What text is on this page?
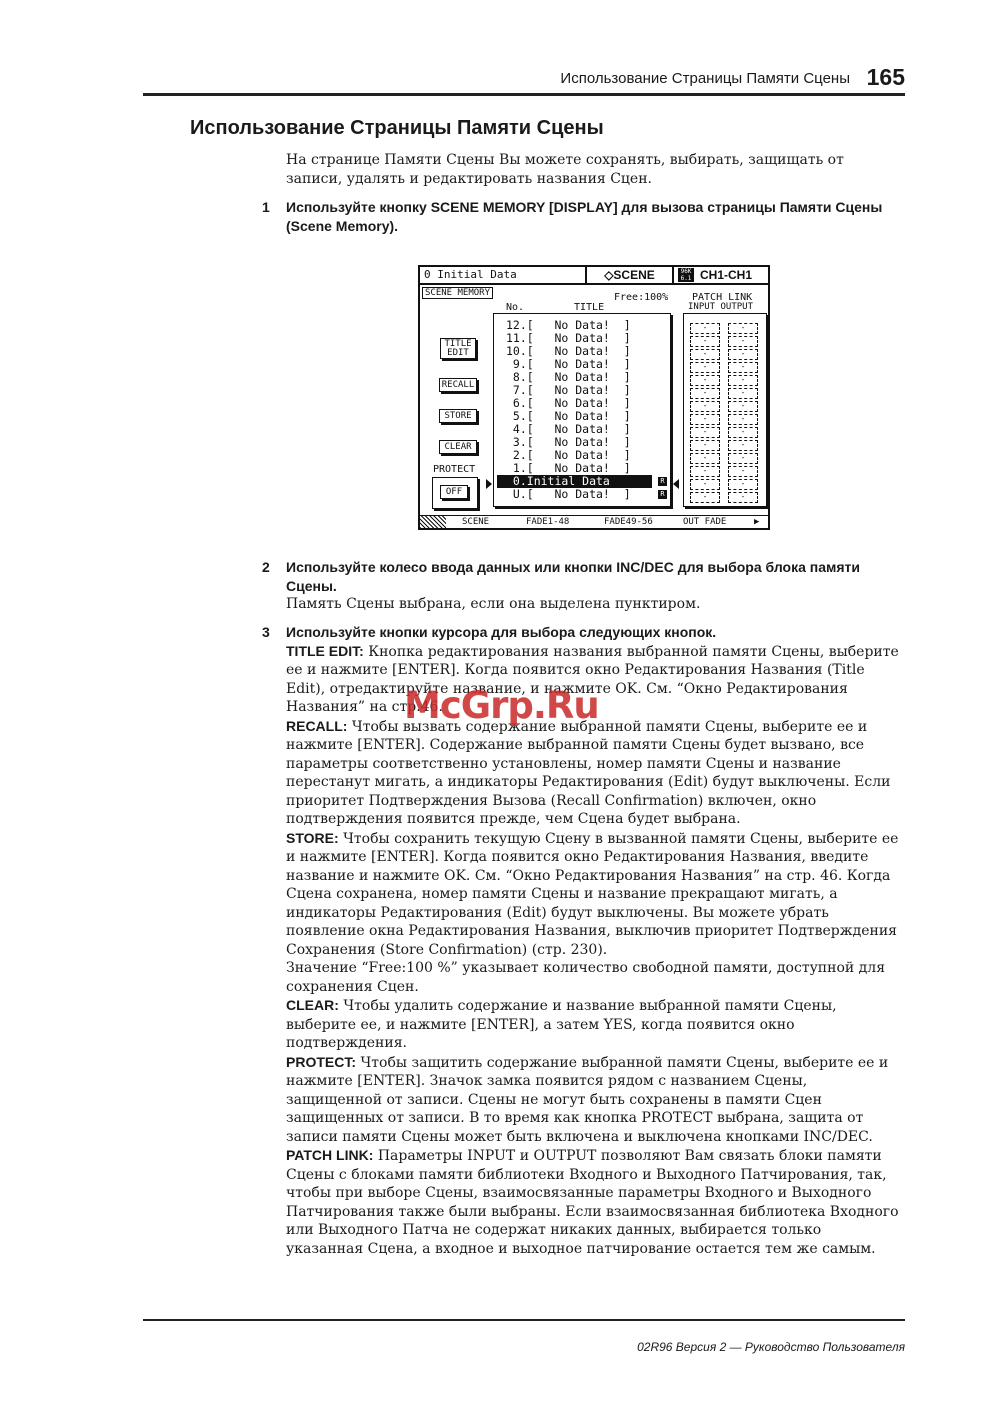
Использование Страницы Памяти Сцены 165
Использование Страницы Памяти Сцены
На странице Памяти Сцены Вы можете сохранять, выбирать, защищать от записи, удалять и редактировать названия Сцен.
1 Используйте кнопку SCENE MEMORY [DISPLAY] для вызова страницы Памяти Сцены (Scene Memory).
0 Initial Data	◇SCENE	96K
6.1 CH1-CH1
SCENE MEMORY	Free:100%
No.	TITLE
PATCH LINK
INPUT OUTPUT
TITLE
EDIT
RECALL
STORE
CLEAR
PROTECT
OFF
12.[   No Data!  ]
11.[   No Data!  ]
10.[   No Data!  ]
9.[   No Data!  ]
8.[   No Data!  ]
7.[   No Data!  ]
6.[   No Data!  ]
5.[   No Data!  ]
4.[   No Data!  ]
3.[   No Data!  ]
2.[   No Data!  ]
1.[   No Data!  ]
0.Initial Data	R
U.[   No Data!  ]	R
-	-
-	-
-	-
-	-
-	-
-	-
-	-
-	-
-	-
-	-
-	-
-	-
-	-
-	-
SCENE	FADE1-48	FADE49-56	OUT FADE	▶
2 Используйте колесо ввода данных или кнопки INC/DEC для выбора блока памяти Сцены.
Память Сцены выбрана, если она выделена пунктиром.
3 Используйте кнопки курсора для выбора следующих кнопок.

TITLE EDIT: Кнопка редактирования названия выбранной памяти Сцены, выберите ее и нажмите [ENTER]. Когда появится окно Редактирования Названия (Title Edit), отредактируйте название, и нажмите OK. См. “Окно Редактирования Названия” на стр.46.

RECALL: Чтобы вызвать содержание выбранной памяти Сцены, выберите ее и нажмите [ENTER]. Содержание выбранной памяти Сцены будет вызвано, все параметры соответственно установлены, номер памяти Сцены и название перестанут мигать, а индикаторы Редактирования (Edit) будут выключены. Если приоритет Подтверждения Вызова (Recall Confirmation) включен, окно подтверждения появится прежде, чем Сцена будет выбрана.

STORE: Чтобы сохранить текущую Сцену в вызванной памяти Сцены, выберите ее и нажмите [ENTER]. Когда появится окно Редактирования Названия, введите название и нажмите OK. См. “Окно Редактирования Названия” на стр. 46. Когда Сцена сохранена, номер памяти Сцены и название прекращают мигать, а индикаторы Редактирования (Edit) будут выключены. Вы можете убрать появление окна Редактирования Названия, выключив приоритет Подтверждения Сохранения (Store Confirmation) (стр. 230).

Значение “Free:100 %” указывает количество свободной памяти, доступной для сохранения Сцен.

CLEAR: Чтобы удалить содержание и название выбранной памяти Сцены, выберите ее, и нажмите [ENTER], а затем YES, когда появится окно подтверждения.

PROTECT: Чтобы защитить содержание выбранной памяти Сцены, выберите ее и нажмите [ENTER]. Значок замка появится рядом с названием Сцены, защищенной от записи. Сцены не могут быть сохранены в памяти Сцен защищенных от записи. В то время как кнопка PROTECT выбрана, защита от записи памяти Сцены может быть включена и выключена кнопками INC/DEC.

PATCH LINK: Параметры INPUT и OUTPUT позволяют Вам связать блоки памяти Сцены с блоками памяти библиотеки Входного и Выходного Патчирования, так, чтобы при выборе Сцены, взаимосвязанные параметры Входного и Выходного Патчирования также были выбраны. Если взаимосвязанная библиотека Входного или Выходного Патча не содержат никаких данных, выбирается только указанная Сцена, а входное и выходное патчирование остается тем же самым.

McGrp.Ru
02R96 Версия 2 — Руководство Пользователя
